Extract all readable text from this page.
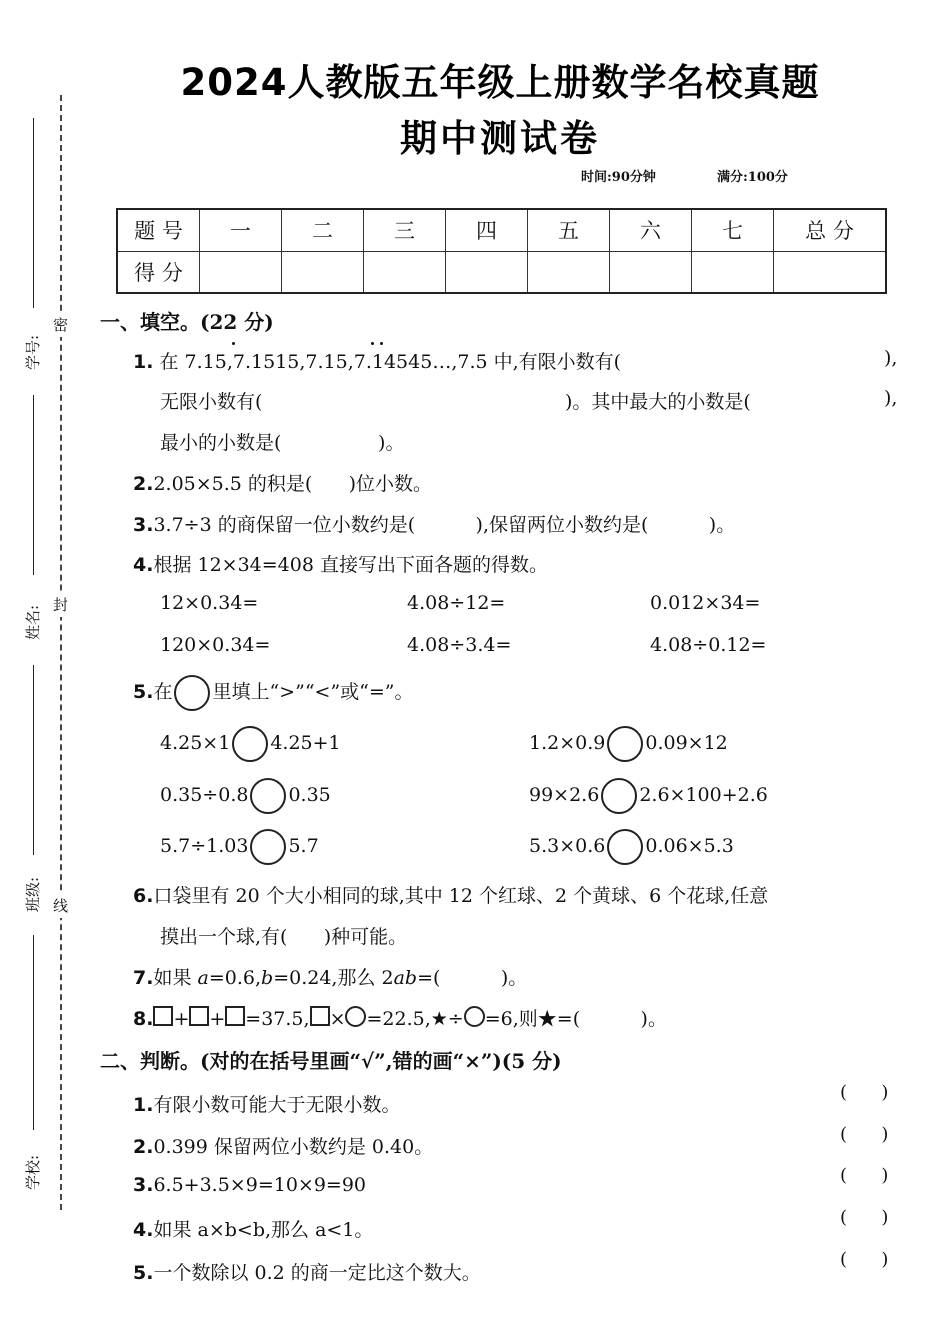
学号:
姓名:
班级:
学校:
密
封
线
2024人教版五年级上册数学名校真题
期中测试卷
时间:90分钟	满分:100分
题 号	一	二	三	四	五	六	七	总 分
得 分								
一、填空。(22 分)
1. 在 7.15,7.1515,7.15,7.14545…,7.5 中,有限小数有(	),
无限小数有(	)。其中最大的小数是(	),
最小的小数是(                )。
2.2.05×5.5 的积是(      )位小数。
3.3.7÷3 的商保留一位小数约是(          ),保留两位小数约是(          )。
4.根据 12×34=408 直接写出下面各题的得数。
12×0.34=	4.08÷12=	0.012×34=
120×0.34=	4.08÷3.4=	4.08÷0.12=
5.在 里填上“>”“<”或“=”。
4.25×1 4.25+1	1.2×0.9 0.09×12
0.35÷0.8 0.35	99×2.6 2.6×100+2.6
5.7÷1.03 5.7	5.3×0.6 0.06×5.3
6.口袋里有 20 个大小相同的球,其中 12 个红球、2 个黄球、6 个花球,任意
摸出一个球,有(      )种可能。
7.如果 a=0.6,b=0.24,那么 2ab=(          )。
8. + + =37.5, × =22.5,★÷ =6,则★=(          )。
二、判断。(对的在括号里画“√”,错的画“×”)(5 分)
1.有限小数可能大于无限小数。
(      )
2.0.399 保留两位小数约是 0.40。
(      )
3.6.5+3.5×9=10×9=90	(      )
4.如果 a×b<b,那么 a<1。
(      )
5.一个数除以 0.2 的商一定比这个数大。
(      )
